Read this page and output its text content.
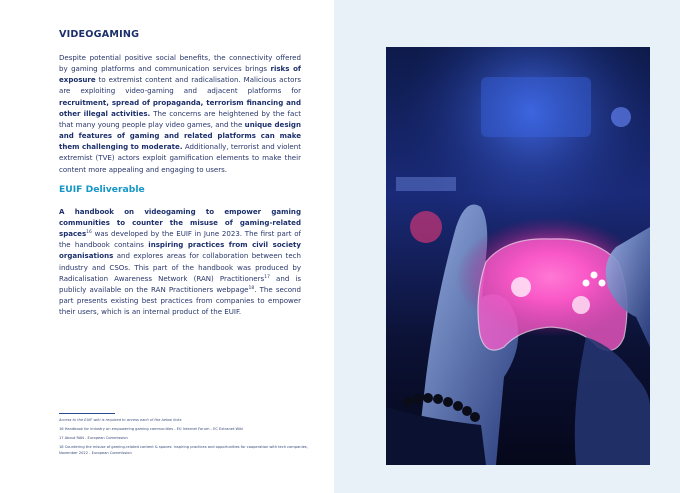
VIDEOGAMING

Despite potential positive social benefits, the connectivity offered by gaming platforms and communication services brings risks of exposure to extremist content and radicalisation. Malicious actors are exploiting video-gaming and adjacent platforms for recruitment, spread of propaganda, terrorism financing and other illegal activities. The concerns are heightened by the fact that many young people play video games, and the unique design and features of gaming and related platforms can make them challenging to moderate. Additionally, terrorist and violent extremist (TVE) actors exploit gamification elements to make their content more appealing and engaging to users.

EUIF Deliverable

A handbook on videogaming to empower gaming communities to counter the misuse of gaming-related spaces$^{16}$ was developed by the EUIF in June 2023. The first part of the handbook contains inspiring practices from civil society organisations and explores areas for collaboration between tech industry and CSOs. This part of the handbook was produced by Radicalisation Awareness Network (RAN) Practitioners$^{17}$ and is publicly available on the RAN Practitioners webpage$^{18}$. The second part presents existing best practices from companies to empower their users, which is an internal product of the EUIF.

Access to the EUIF wiki is required to access each of the below links

16 Handbook for industry on empowering gaming communities - EU Internet Forum - EC Extranet Wiki

17 About RAN - European Commission

18 Countering the misuse of gaming-related content & spaces: inspiring practices and opportunities for cooperation with tech companies, November 2022 - European Commission
